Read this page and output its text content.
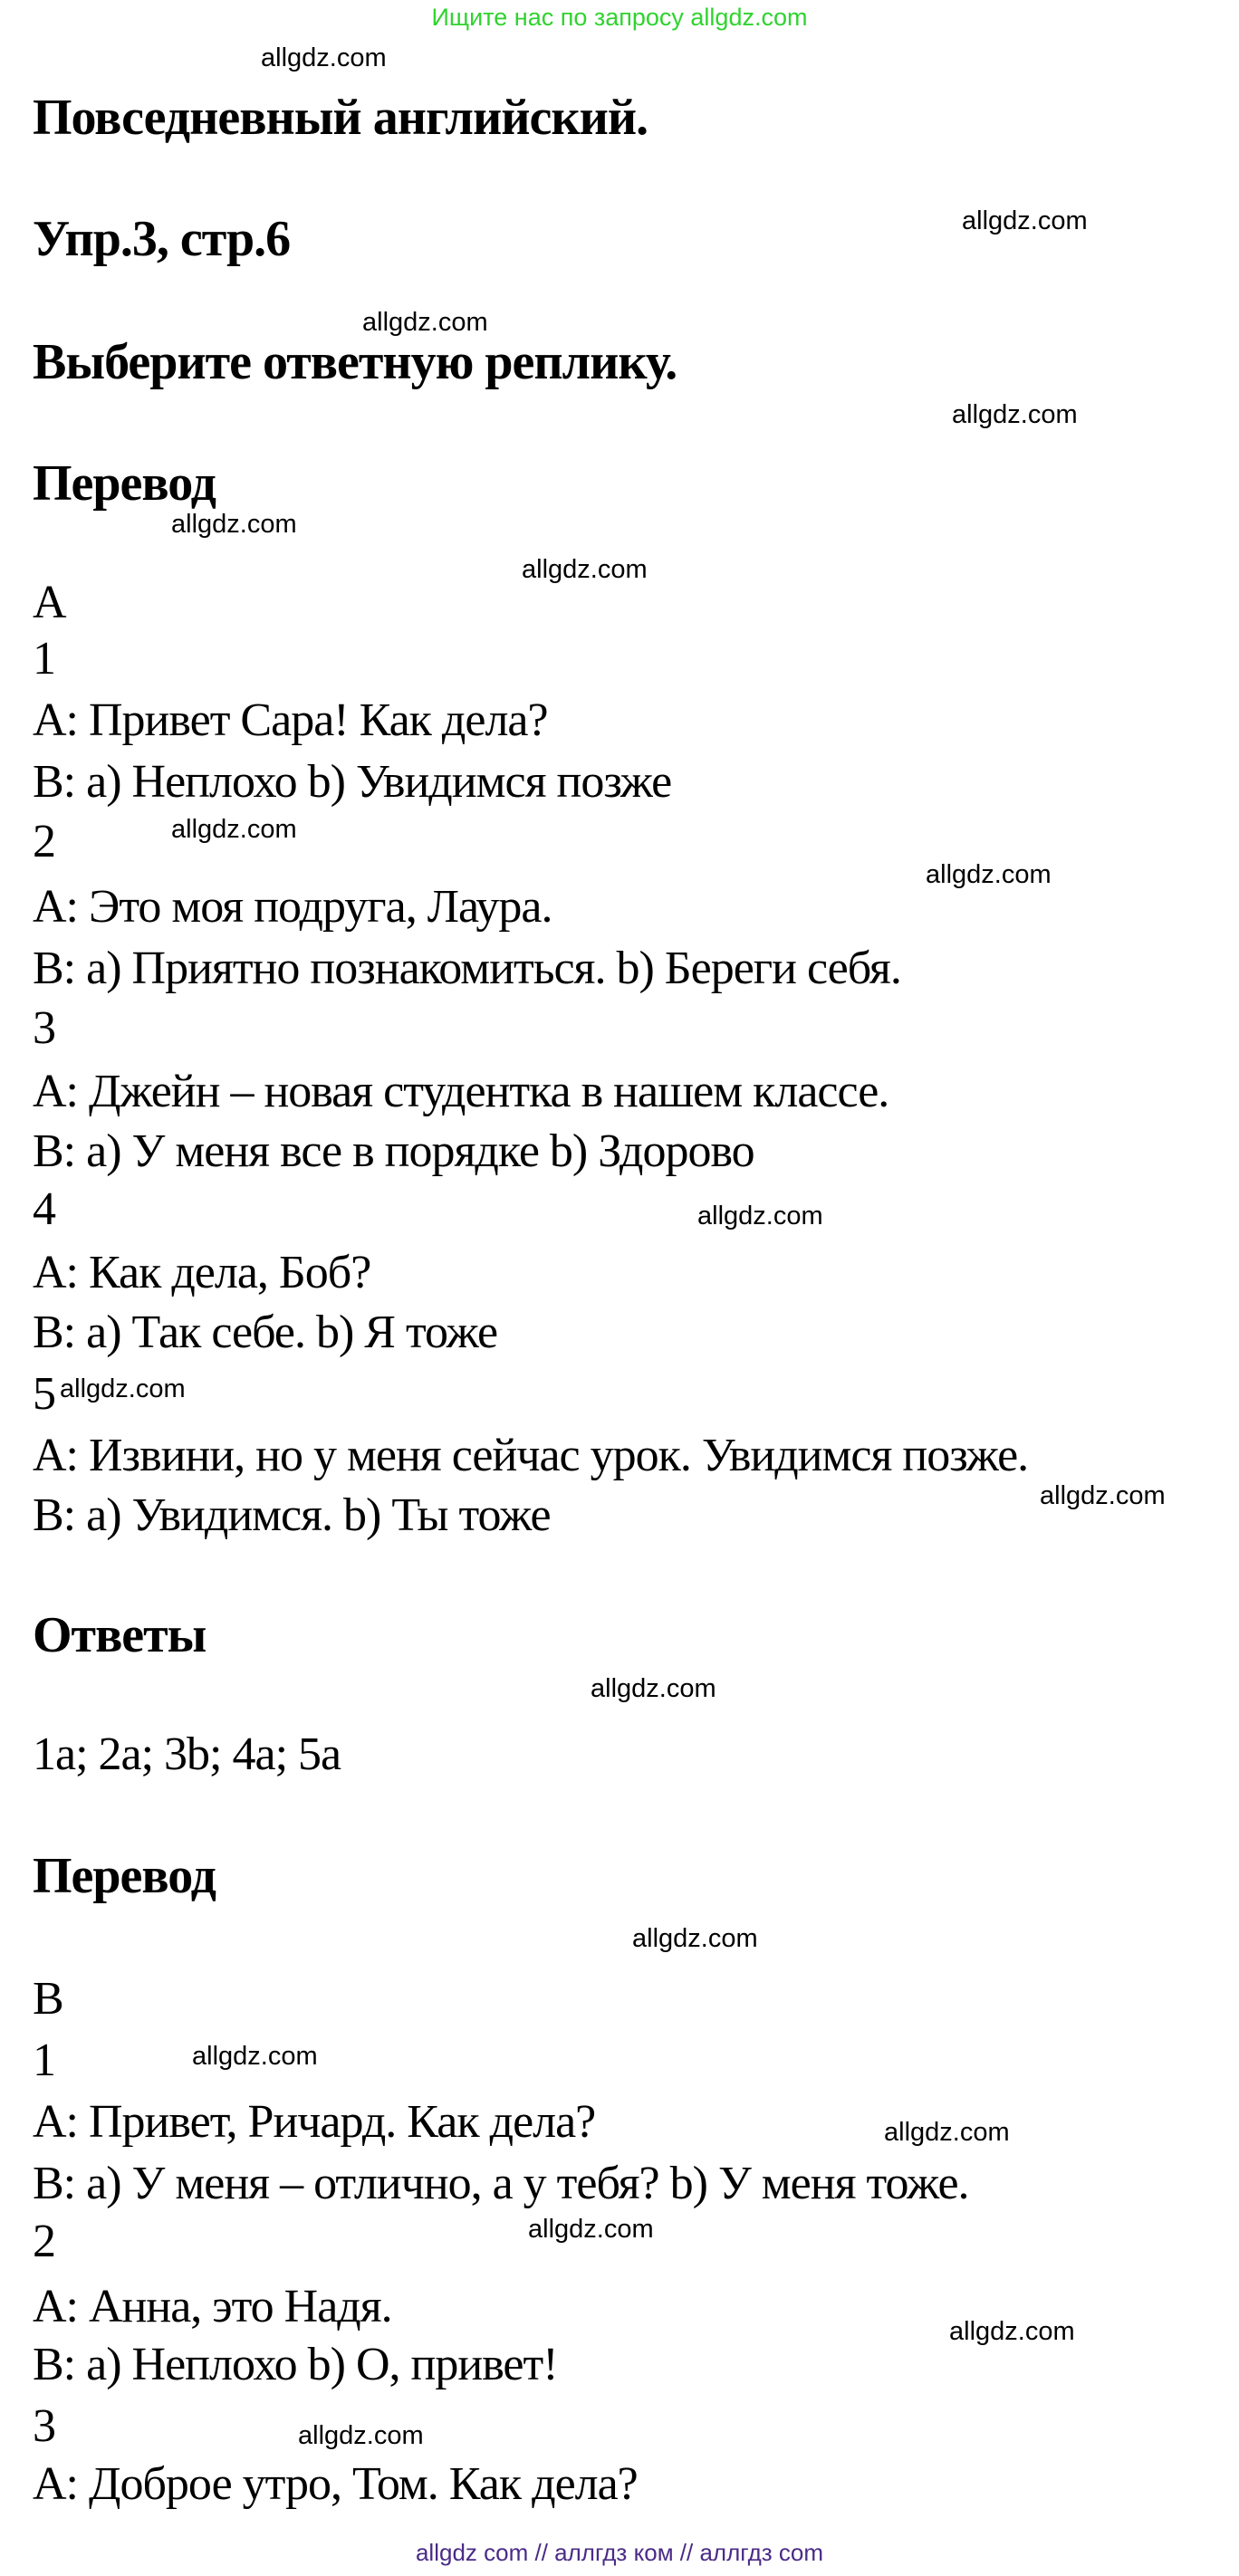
Ищите нас по запросу allgdz.com
allgdz.com
allgdz.com
allgdz.com
allgdz.com
allgdz.com
allgdz.com
allgdz.com
allgdz.com
allgdz.com
allgdz.com
allgdz.com
allgdz.com
allgdz.com
allgdz.com
allgdz.com
allgdz.com
allgdz.com
allgdz.com
Повседневный английский.
Упр.3, стр.6
Выберите ответную реплику.
Перевод
A
1
А: Привет Сара! Как дела?
В: а) Неплохо b) Увидимся позже
2
А: Это моя подруга, Лаура.
В: а) Приятно познакомиться. b) Береги себя.
3
А: Джейн – новая студентка в нашем классе.
В: а) У меня все в порядке b) Здорово
4
А: Как дела, Боб?
В: а) Так себе. b) Я тоже
5
А: Извини, но у меня сейчас урок. Увидимся позже.
В: а) Увидимся. b) Ты тоже
Ответы
1a; 2a; 3b; 4a; 5a
Перевод
B
1
А: Привет, Ричард. Как дела?
В: а) У меня – отлично, а у тебя? b) У меня тоже.
2
А: Анна, это Надя.
В: а) Неплохо b) О, привет!
3
А: Доброе утро, Том. Как дела?
allgdz com // аллгдз ком // аллгдз com
